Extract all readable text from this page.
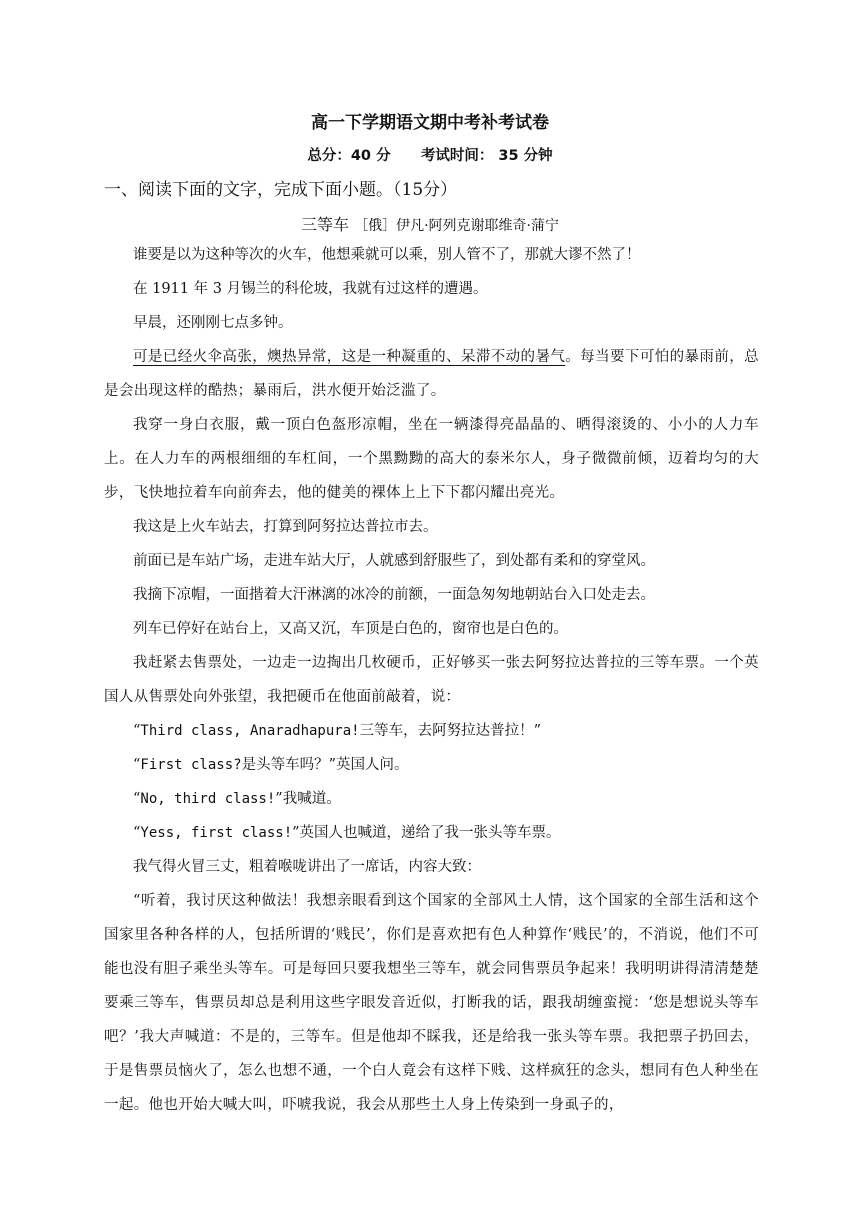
高一下学期语文期中考补考试卷
总分：40 分      考试时间： 35 分钟
一、阅读下面的文字，完成下面小题。（15分）
三等车 ［俄］伊凡·阿列克谢耶维奇·蒲宁

谁要是以为这种等次的火车，他想乘就可以乘，别人管不了，那就大谬不然了！

在 1911 年 3 月锡兰的科伦坡，我就有过这样的遭遇。

早晨，还刚刚七点多钟。

可是已经火伞高张，燠热异常，这是一种凝重的、呆滞不动的暑气。每当要下可怕的暴雨前，总是会出现这样的酷热；暴雨后，洪水便开始泛滥了。

我穿一身白衣服，戴一顶白色盔形凉帽，坐在一辆漆得亮晶晶的、晒得滚烫的、小小的人力车上。在人力车的两根细细的车杠间，一个黑黝黝的高大的泰米尔人，身子微微前倾，迈着均匀的大步，飞快地拉着车向前奔去，他的健美的裸体上上下下都闪耀出亮光。

我这是上火车站去，打算到阿努拉达普拉市去。

前面已是车站广场，走进车站大厅，人就感到舒服些了，到处都有柔和的穿堂风。

我摘下凉帽，一面揩着大汗淋漓的冰冷的前额，一面急匆匆地朝站台入口处走去。

列车已停好在站台上，又高又沉，车顶是白色的，窗帘也是白色的。

我赶紧去售票处，一边走一边掏出几枚硬币，正好够买一张去阿努拉达普拉的三等车票。一个英国人从售票处向外张望，我把硬币在他面前敲着，说：

“Third class, Anaradhapura!三等车，去阿努拉达普拉！”

“First class?是头等车吗？”英国人问。

“No, third class!”我喊道。

“Yess, first class!”英国人也喊道，递给了我一张头等车票。

我气得火冒三丈，粗着喉咙讲出了一席话，内容大致：

“听着，我讨厌这种做法！我想亲眼看到这个国家的全部风土人情，这个国家的全部生活和这个国家里各种各样的人，包括所谓的‘贱民’，你们是喜欢把有色人种算作‘贱民’的，不消说，他们不可能也没有胆子乘坐头等车。可是每回只要我想坐三等车，就会同售票员争起来！我明明讲得清清楚楚要乘三等车，售票员却总是利用这些字眼发音近似，打断我的话，跟我胡缠蛮搅：‘您是想说头等车吧？’我大声喊道：不是的，三等车。但是他却不睬我，还是给我一张头等车票。我把票子扔回去，于是售票员恼火了，怎么也想不通，一个白人竟会有这样下贱、这样疯狂的念头，想同有色人种坐在一起。他也开始大喊大叫，吓唬我说，我会从那些土人身上传染到一身虱子的，
